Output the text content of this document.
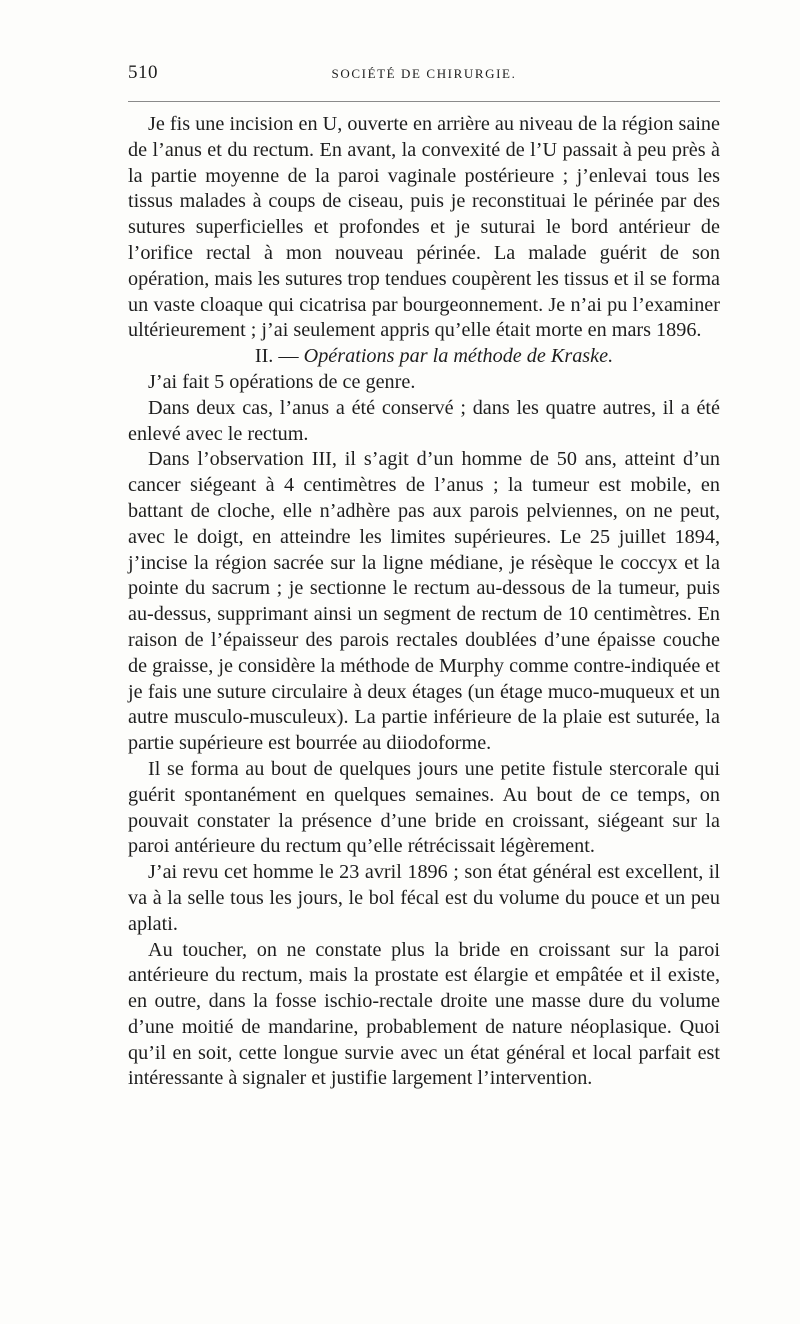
510	SOCIÉTÉ DE CHIRURGIE.

Je fis une incision en U, ouverte en arrière au niveau de la région saine de l’anus et du rectum. En avant, la convexité de l’U passait à peu près à la partie moyenne de la paroi vaginale postérieure ; j’enlevai tous les tissus malades à coups de ciseau, puis je reconstituai le périnée par des sutures superficielles et profondes et je suturai le bord antérieur de l’orifice rectal à mon nouveau périnée. La malade guérit de son opération, mais les sutures trop tendues coupèrent les tissus et il se forma un vaste cloaque qui cicatrisa par bourgeonnement. Je n’ai pu l’examiner ultérieurement ; j’ai seulement appris qu’elle était morte en mars 1896.

II. — Opérations par la méthode de Kraske.

J’ai fait 5 opérations de ce genre.

Dans deux cas, l’anus a été conservé ; dans les quatre autres, il a été enlevé avec le rectum.

Dans l’observation III, il s’agit d’un homme de 50 ans, atteint d’un cancer siégeant à 4 centimètres de l’anus ; la tumeur est mobile, en battant de cloche, elle n’adhère pas aux parois pelviennes, on ne peut, avec le doigt, en atteindre les limites supérieures. Le 25 juillet 1894, j’incise la région sacrée sur la ligne médiane, je résèque le coccyx et la pointe du sacrum ; je sectionne le rectum au-dessous de la tumeur, puis au-dessus, supprimant ainsi un segment de rectum de 10 centimètres. En raison de l’épaisseur des parois rectales doublées d’une épaisse couche de graisse, je considère la méthode de Murphy comme contre-indiquée et je fais une suture circulaire à deux étages (un étage muco-muqueux et un autre musculo-musculeux). La partie inférieure de la plaie est suturée, la partie supérieure est bourrée au diiodoforme.

Il se forma au bout de quelques jours une petite fistule stercorale qui guérit spontanément en quelques semaines. Au bout de ce temps, on pouvait constater la présence d’une bride en croissant, siégeant sur la paroi antérieure du rectum qu’elle rétrécissait légèrement.

J’ai revu cet homme le 23 avril 1896 ; son état général est excellent, il va à la selle tous les jours, le bol fécal est du volume du pouce et un peu aplati.

Au toucher, on ne constate plus la bride en croissant sur la paroi antérieure du rectum, mais la prostate est élargie et empâtée et il existe, en outre, dans la fosse ischio-rectale droite une masse dure du volume d’une moitié de mandarine, probablement de nature néoplasique. Quoi qu’il en soit, cette longue survie avec un état général et local parfait est intéressante à signaler et justifie largement l’intervention.
